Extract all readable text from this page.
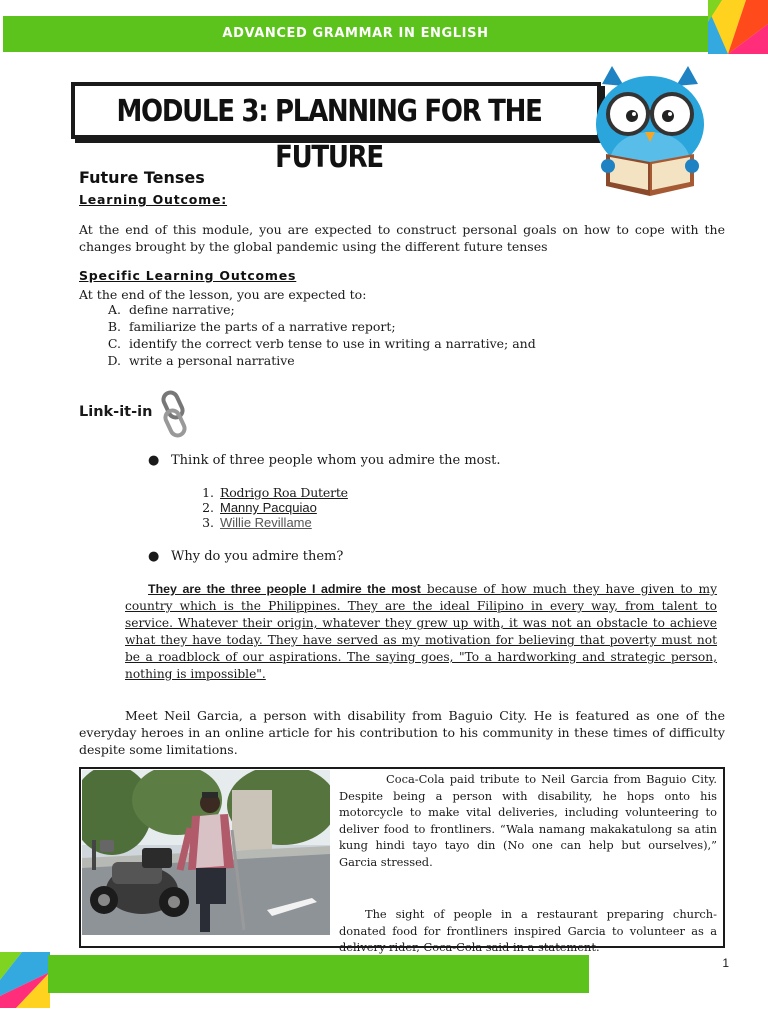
ADVANCED GRAMMAR IN ENGLISH
MODULE 3: PLANNING FOR THE FUTURE
Future Tenses
Learning Outcome:
At the end of this module, you are expected to construct personal goals on how to cope with the changes brought by the global pandemic using the different future tenses
Specific Learning Outcomes
At the end of the lesson, you are expected to:
A. define narrative;
B. familiarize the parts of a narrative report;
C. identify the correct verb tense to use in writing a narrative; and
D. write a personal narrative
Link-it-in
● Think of three people whom you admire the most.
1. Rodrigo Roa Duterte
2. Manny Pacquiao
3. Willie Revillame
● Why do you admire them?
They are the three people I admire the most because of how much they have given to my country which is the Philippines. They are the ideal Filipino in every way, from talent to service. Whatever their origin, whatever they grew up with, it was not an obstacle to achieve what they have today. They have served as my motivation for believing that poverty must not be a roadblock of our aspirations. The saying goes, "To a hardworking and strategic person, nothing is impossible".
Meet Neil Garcia, a person with disability from Baguio City. He is featured as one of the everyday heroes in an online article for his contribution to his community in these times of difficulty despite some limitations.

Coca-Cola paid tribute to Neil Garcia from Baguio City. Despite being a person with disability, he hops onto his motorcycle to make vital deliveries, including volunteering to deliver food to frontliners. “Wala namang makakatulong sa atin kung hindi tayo tayo din (No one can help but ourselves),” Garcia stressed.

The sight of people in a restaurant preparing church-donated food for frontliners inspired Garcia to volunteer as a delivery rider, Coca-Cola said in a statement.

1
